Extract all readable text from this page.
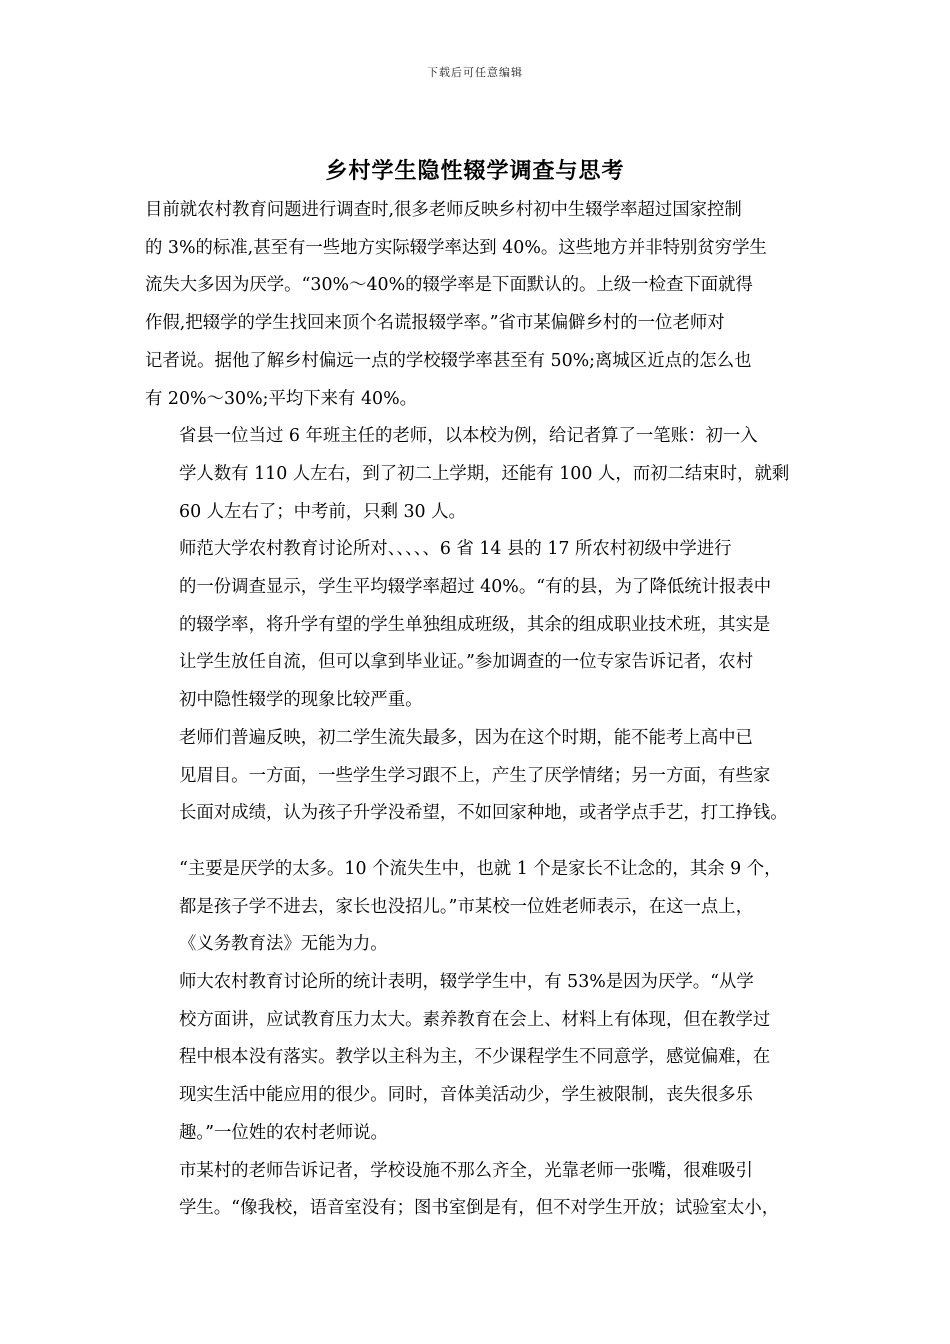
下载后可任意编辑
乡村学生隐性辍学调查与思考

目前就农村教育问题进行调查时,很多老师反映乡村初中生辍学率超过国家控制
的 3%的标准,甚至有一些地方实际辍学率达到 40%。这些地方并非特别贫穷学生
流失大多因为厌学。“30%～40%的辍学率是下面默认的。上级一检查下面就得
作假,把辍学的学生找回来顶个名谎报辍学率。”省市某偏僻乡村的一位老师对
记者说。据他了解乡村偏远一点的学校辍学率甚至有 50%;离城区近点的怎么也
有 20%～30%;平均下来有 40%。

省县一位当过 6 年班主任的老师，以本校为例，给记者算了一笔账：初一入
学人数有 110 人左右，到了初二上学期，还能有 100 人，而初二结束时，就剩
60 人左右了；中考前，只剩 30 人。

师范大学农村教育讨论所对、、、、、6 省 14 县的 17 所农村初级中学进行
的一份调查显示，学生平均辍学率超过 40%。“有的县，为了降低统计报表中
的辍学率，将升学有望的学生单独组成班级，其余的组成职业技术班，其实是
让学生放任自流，但可以拿到毕业证。”参加调查的一位专家告诉记者，农村
初中隐性辍学的现象比较严重。

老师们普遍反映，初二学生流失最多，因为在这个时期，能不能考上高中已
见眉目。一方面，一些学生学习跟不上，产生了厌学情绪；另一方面，有些家
长面对成绩，认为孩子升学没希望，不如回家种地，或者学点手艺，打工挣钱。

“主要是厌学的太多。10 个流失生中，也就 1 个是家长不让念的，其余 9 个，
都是孩子学不进去，家长也没招儿。”市某校一位姓老师表示，在这一点上，
《义务教育法》无能为力。

师大农村教育讨论所的统计表明，辍学学生中，有 53%是因为厌学。“从学
校方面讲，应试教育压力太大。素养教育在会上、材料上有体现，但在教学过
程中根本没有落实。教学以主科为主，不少课程学生不同意学，感觉偏难，在
现实生活中能应用的很少。同时，音体美活动少，学生被限制，丧失很多乐
趣。”一位姓的农村老师说。

市某村的老师告诉记者，学校设施不那么齐全，光靠老师一张嘴，很难吸引
学生。“像我校，语音室没有；图书室倒是有，但不对学生开放；试验室太小，
